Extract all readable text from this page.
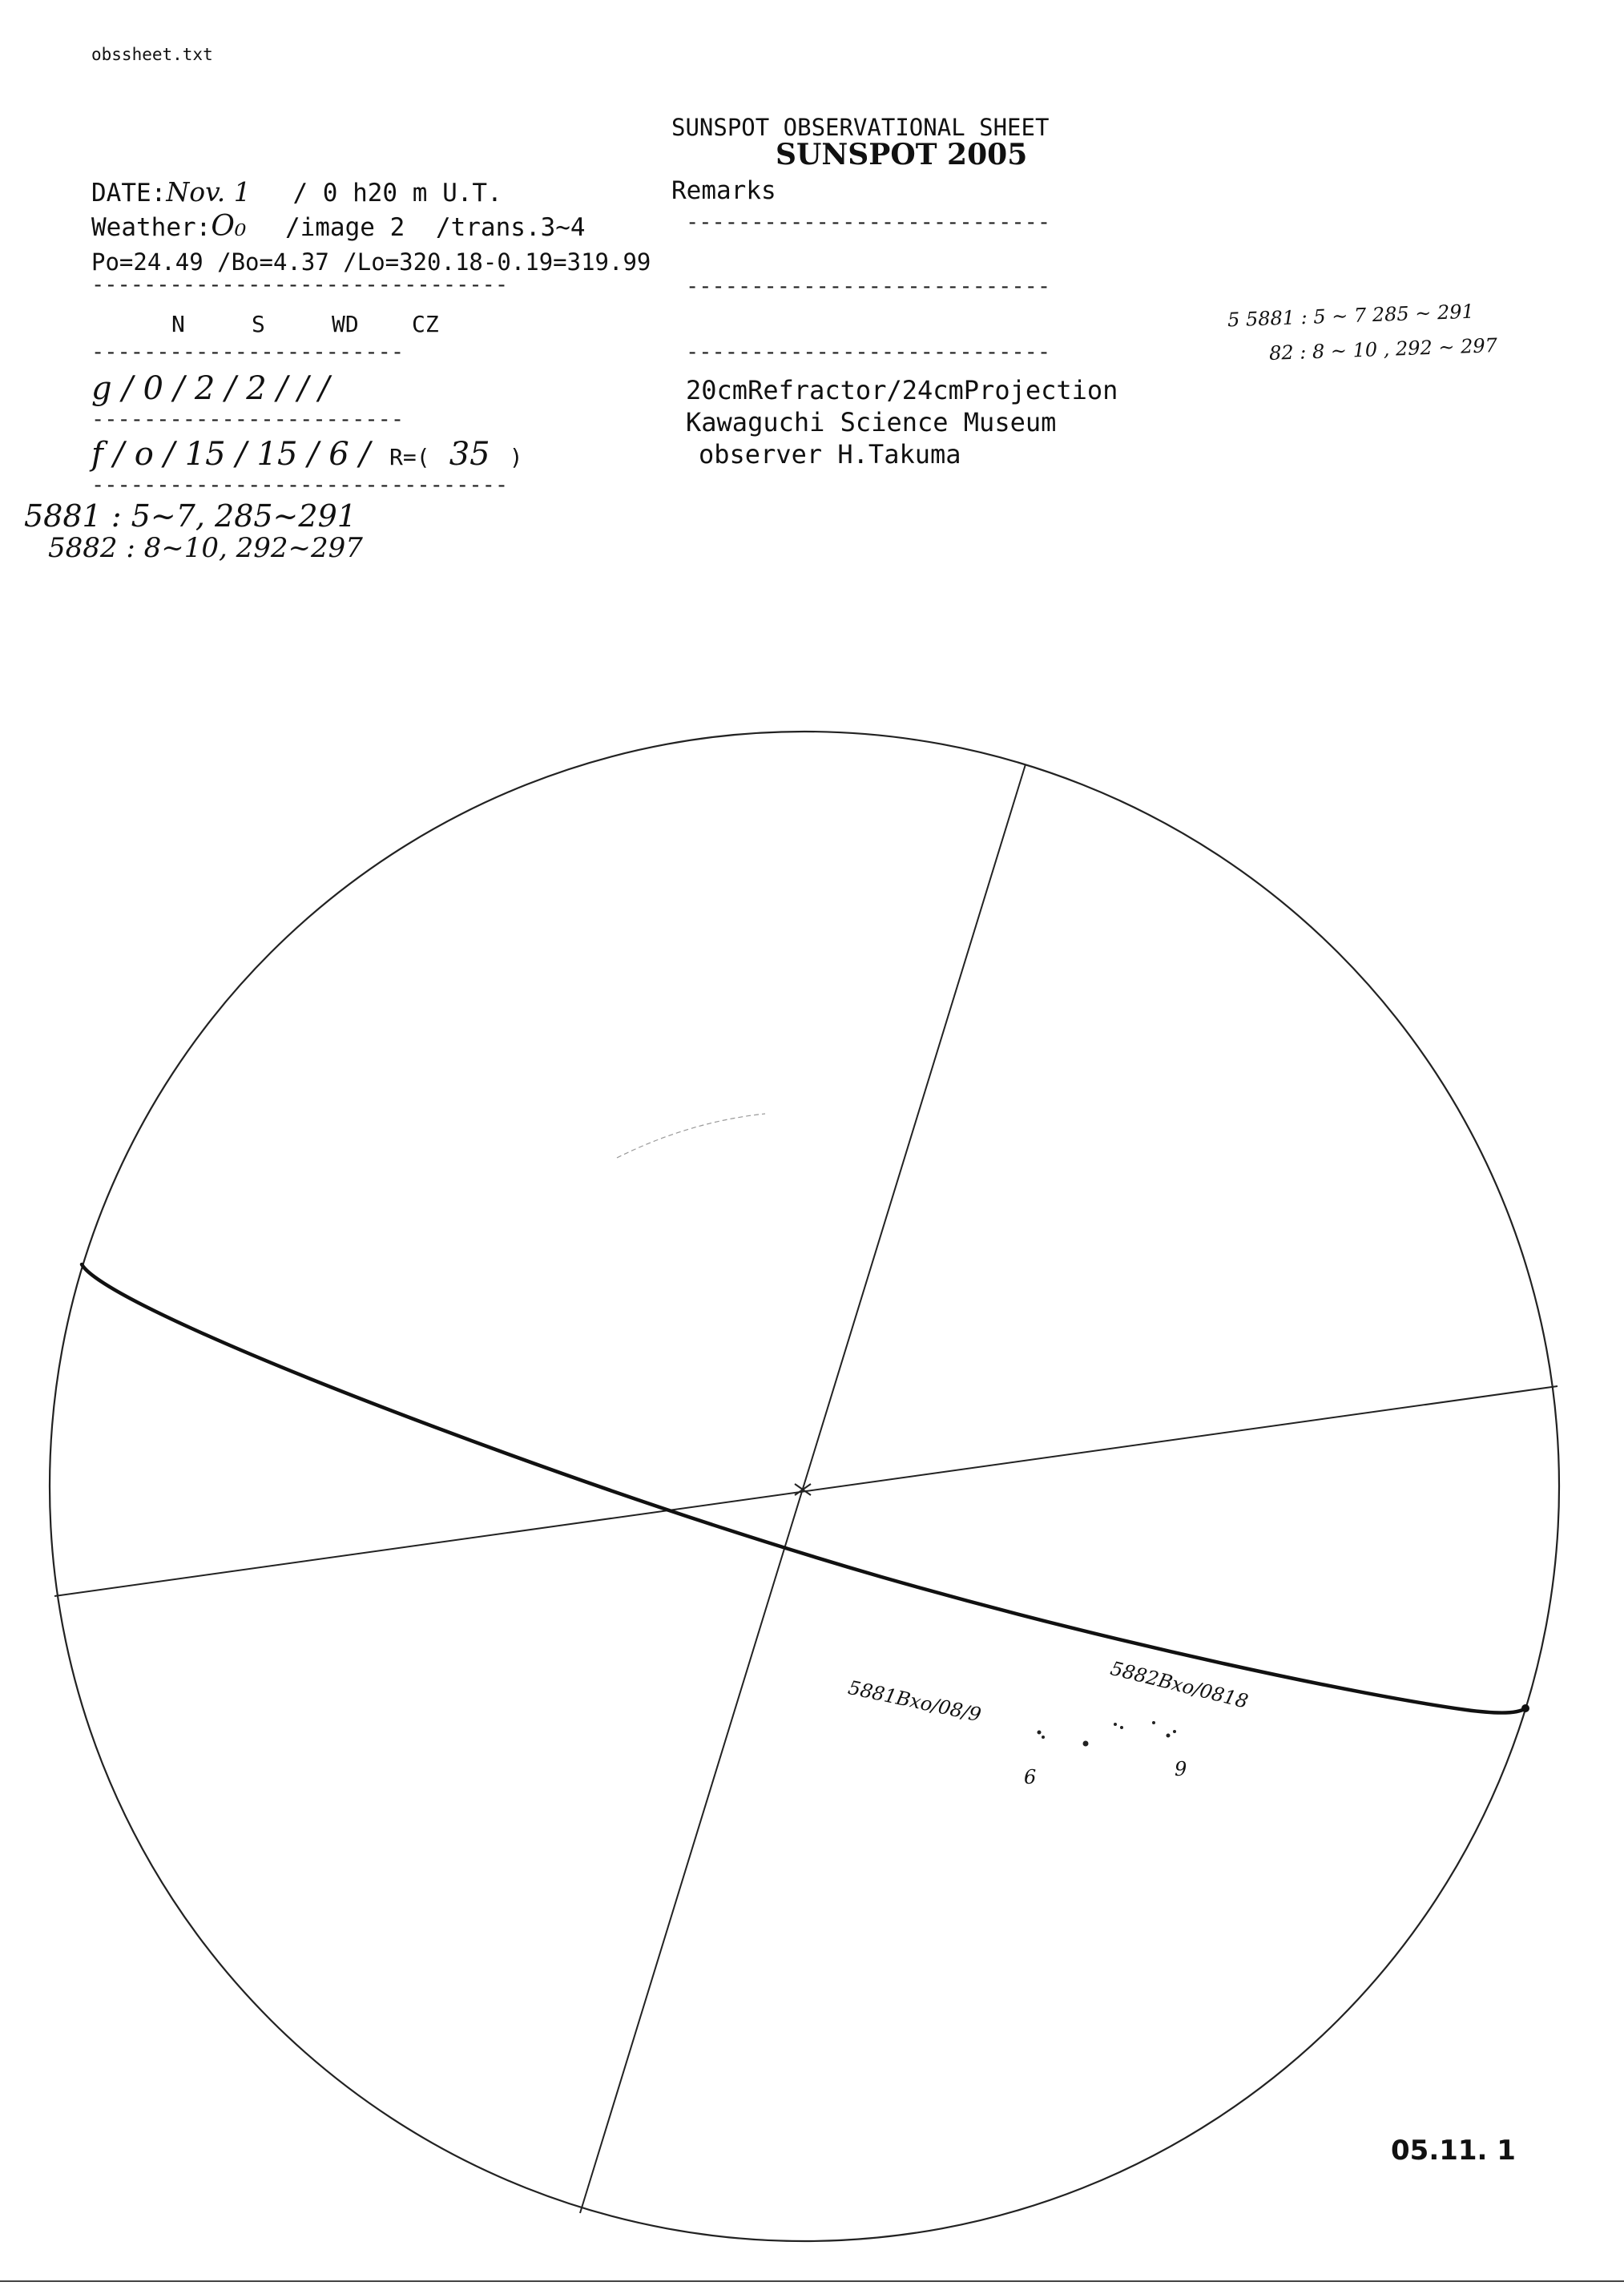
obssheet.txt
SUNSPOT OBSERVATIONAL SHEET
SUNSPOT 2005
DATE:Nov. 1 / 0 h20 m U.T.
Weather:O₀ /image 2 /trans.3~4
Po=24.49 /Bo=4.37 /Lo=320.18-0.19=319.99
--------------------------------
N	S	WD CZ
------------------------
g / 0 / 2 / 2 / / /
------------------------
f / o / 15 / 15 / 6 / R=( 35 )
--------------------------------
5881 : 5~7, 285~291
5882 : 8~10, 292~297
Remarks
----------------------------
----------------------------
----------------------------
20cmRefractor/24cmProjection
Kawaguchi Science Museum
observer H.Takuma
5 5881 : 5 ~ 7 285 ~ 291
82 : 8 ~ 10 , 292 ~ 297
5881Bxo/08/9	5882Bxo/0818
6	9
05.11. 1
